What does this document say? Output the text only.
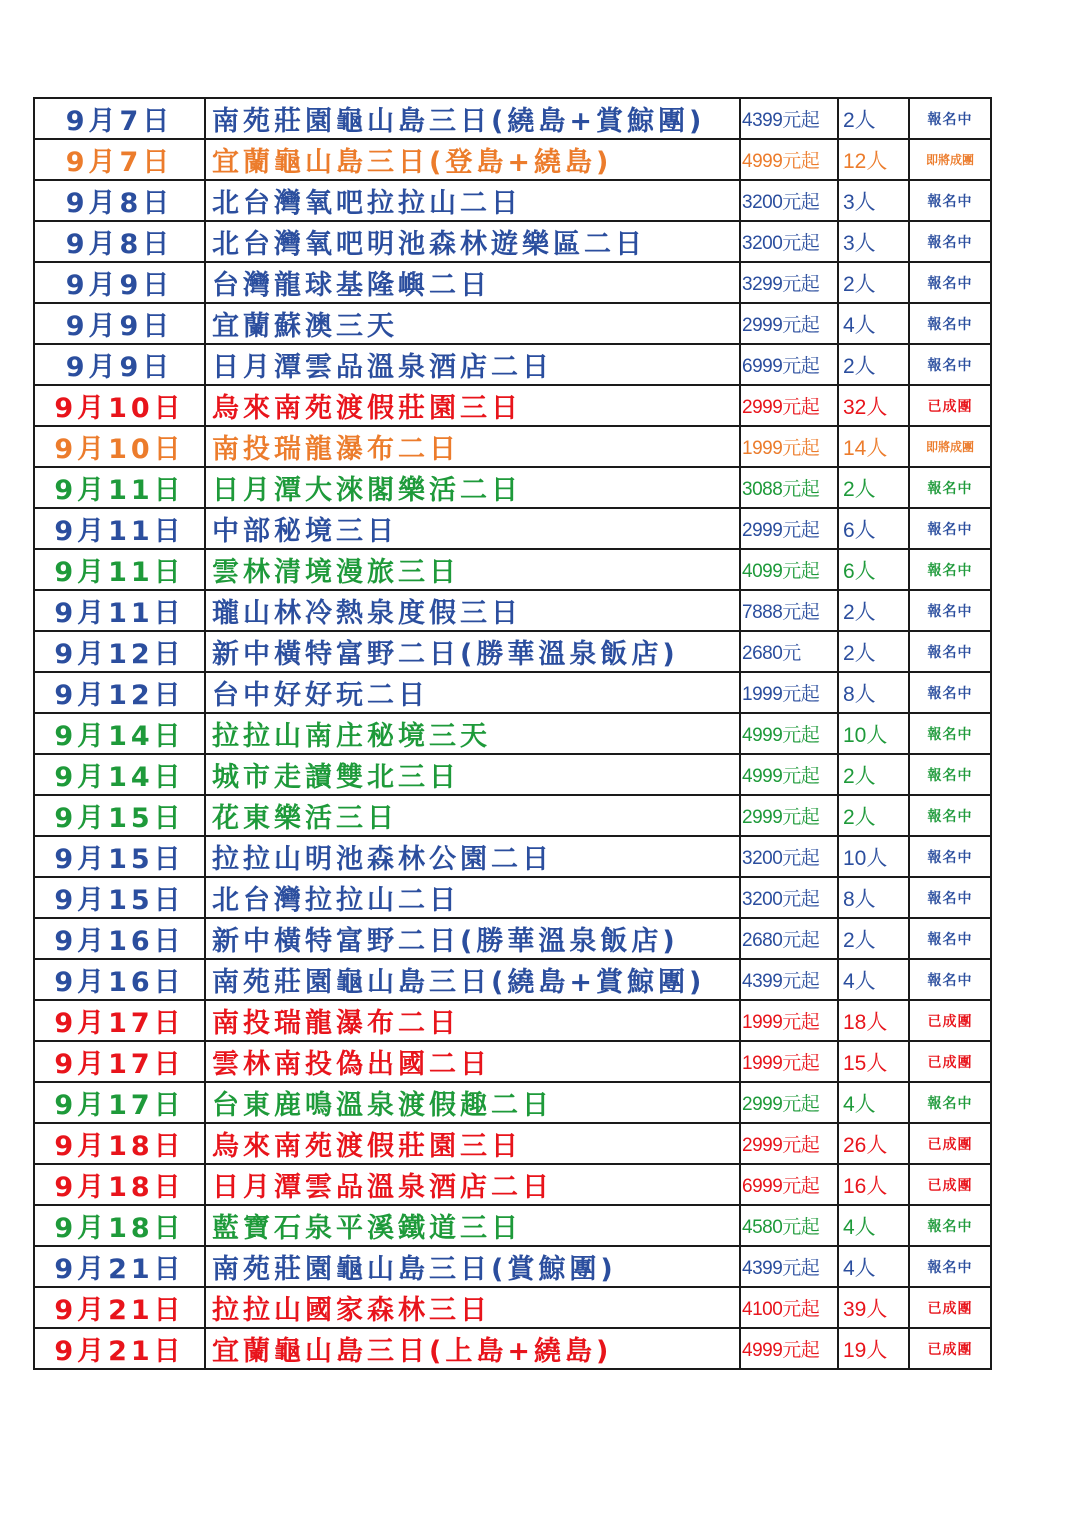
9月7日	南苑莊園龜山島三日(繞島+賞鯨團)	4399元起	2人	報名中
9月7日	宜蘭龜山島三日(登島+繞島)	4999元起	12人	即將成團
9月8日	北台灣氧吧拉拉山二日	3200元起	3人	報名中
9月8日	北台灣氧吧明池森林遊樂區二日	3200元起	3人	報名中
9月9日	台灣龍球基隆嶼二日	3299元起	2人	報名中
9月9日	宜蘭蘇澳三天	2999元起	4人	報名中
9月9日	日月潭雲品溫泉酒店二日	6999元起	2人	報名中
9月10日	烏來南苑渡假莊園三日	2999元起	32人	已成團
9月10日	南投瑞龍瀑布二日	1999元起	14人	即將成團
9月11日	日月潭大淶閣樂活二日	3088元起	2人	報名中
9月11日	中部秘境三日	2999元起	6人	報名中
9月11日	雲林清境漫旅三日	4099元起	6人	報名中
9月11日	瓏山林冷熱泉度假三日	7888元起	2人	報名中
9月12日	新中橫特富野二日(勝華溫泉飯店)	2680元	2人	報名中
9月12日	台中好好玩二日	1999元起	8人	報名中
9月14日	拉拉山南庄秘境三天	4999元起	10人	報名中
9月14日	城市走讀雙北三日	4999元起	2人	報名中
9月15日	花東樂活三日	2999元起	2人	報名中
9月15日	拉拉山明池森林公園二日	3200元起	10人	報名中
9月15日	北台灣拉拉山二日	3200元起	8人	報名中
9月16日	新中橫特富野二日(勝華溫泉飯店)	2680元起	2人	報名中
9月16日	南苑莊園龜山島三日(繞島+賞鯨團)	4399元起	4人	報名中
9月17日	南投瑞龍瀑布二日	1999元起	18人	已成團
9月17日	雲林南投偽出國二日	1999元起	15人	已成團
9月17日	台東鹿鳴溫泉渡假趣二日	2999元起	4人	報名中
9月18日	烏來南苑渡假莊園三日	2999元起	26人	已成團
9月18日	日月潭雲品溫泉酒店二日	6999元起	16人	已成團
9月18日	藍寶石泉平溪鐵道三日	4580元起	4人	報名中
9月21日	南苑莊園龜山島三日(賞鯨團)	4399元起	4人	報名中
9月21日	拉拉山國家森林三日	4100元起	39人	已成團
9月21日	宜蘭龜山島三日(上島+繞島)	4999元起	19人	已成團
